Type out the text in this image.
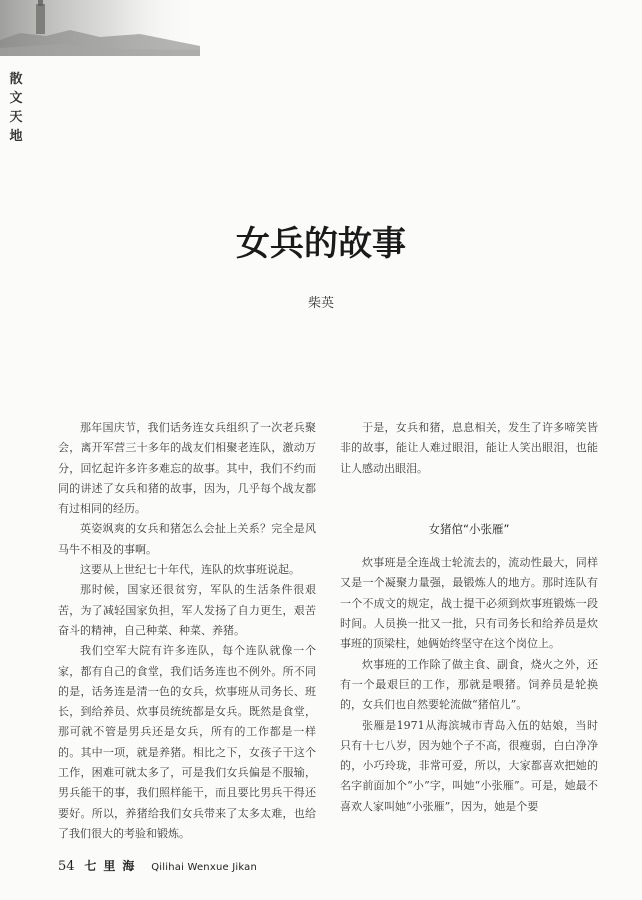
散文天地
女兵的故事
柴英

那年国庆节，我们话务连女兵组织了一次老兵聚会，离开军营三十多年的战友们相聚老连队，激动万分，回忆起许多许多难忘的故事。其中，我们不约而同的讲述了女兵和猪的故事，因为，几乎每个战友都有过相同的经历。

英姿飒爽的女兵和猪怎么会扯上关系？完全是风马牛不相及的事啊。

这要从上世纪七十年代，连队的炊事班说起。

那时候，国家还很贫穷，军队的生活条件很艰苦，为了减轻国家负担，军人发扬了自力更生，艰苦奋斗的精神，自己种菜、种菜、养猪。

我们空军大院有许多连队，每个连队就像一个家，都有自己的食堂，我们话务连也不例外。所不同的是，话务连是清一色的女兵，炊事班从司务长、班长，到给养员、炊事员统统都是女兵。既然是食堂，那可就不管是男兵还是女兵，所有的工作都是一样的。其中一项，就是养猪。相比之下，女孩子干这个工作，困难可就太多了，可是我们女兵偏是不服输，男兵能干的事，我们照样能干，而且要比男兵干得还要好。所以，养猪给我们女兵带来了太多太难，也给了我们很大的考验和锻炼。

于是，女兵和猪，息息相关，发生了许多啼笑皆非的故事，能让人难过眼泪，能让人笑出眼泪，也能让人感动出眼泪。

女猪倌“小张雁”

炊事班是全连战士轮流去的，流动性最大，同样又是一个凝聚力量强，最锻炼人的地方。那时连队有一个不成文的规定，战士提干必须到炊事班锻炼一段时间。人员换一批又一批，只有司务长和给养员是炊事班的顶梁柱，她俩始终坚守在这个岗位上。

炊事班的工作除了做主食、副食，烧火之外，还有一个最艰巨的工作，那就是喂猪。饲养员是轮换的，女兵们也自然要轮流做“猪倌儿”。

张雁是1971从海滨城市青岛入伍的姑娘，当时只有十七八岁，因为她个子不高，很瘦弱，白白净净的，小巧玲珑，非常可爱，所以，大家都喜欢把她的名字前面加个“小”字，叫她“小张雁”。可是，她最不喜欢人家叫她“小张雁”，因为，她是个要

54 七里海 Qilihai Wenxue Jikan
